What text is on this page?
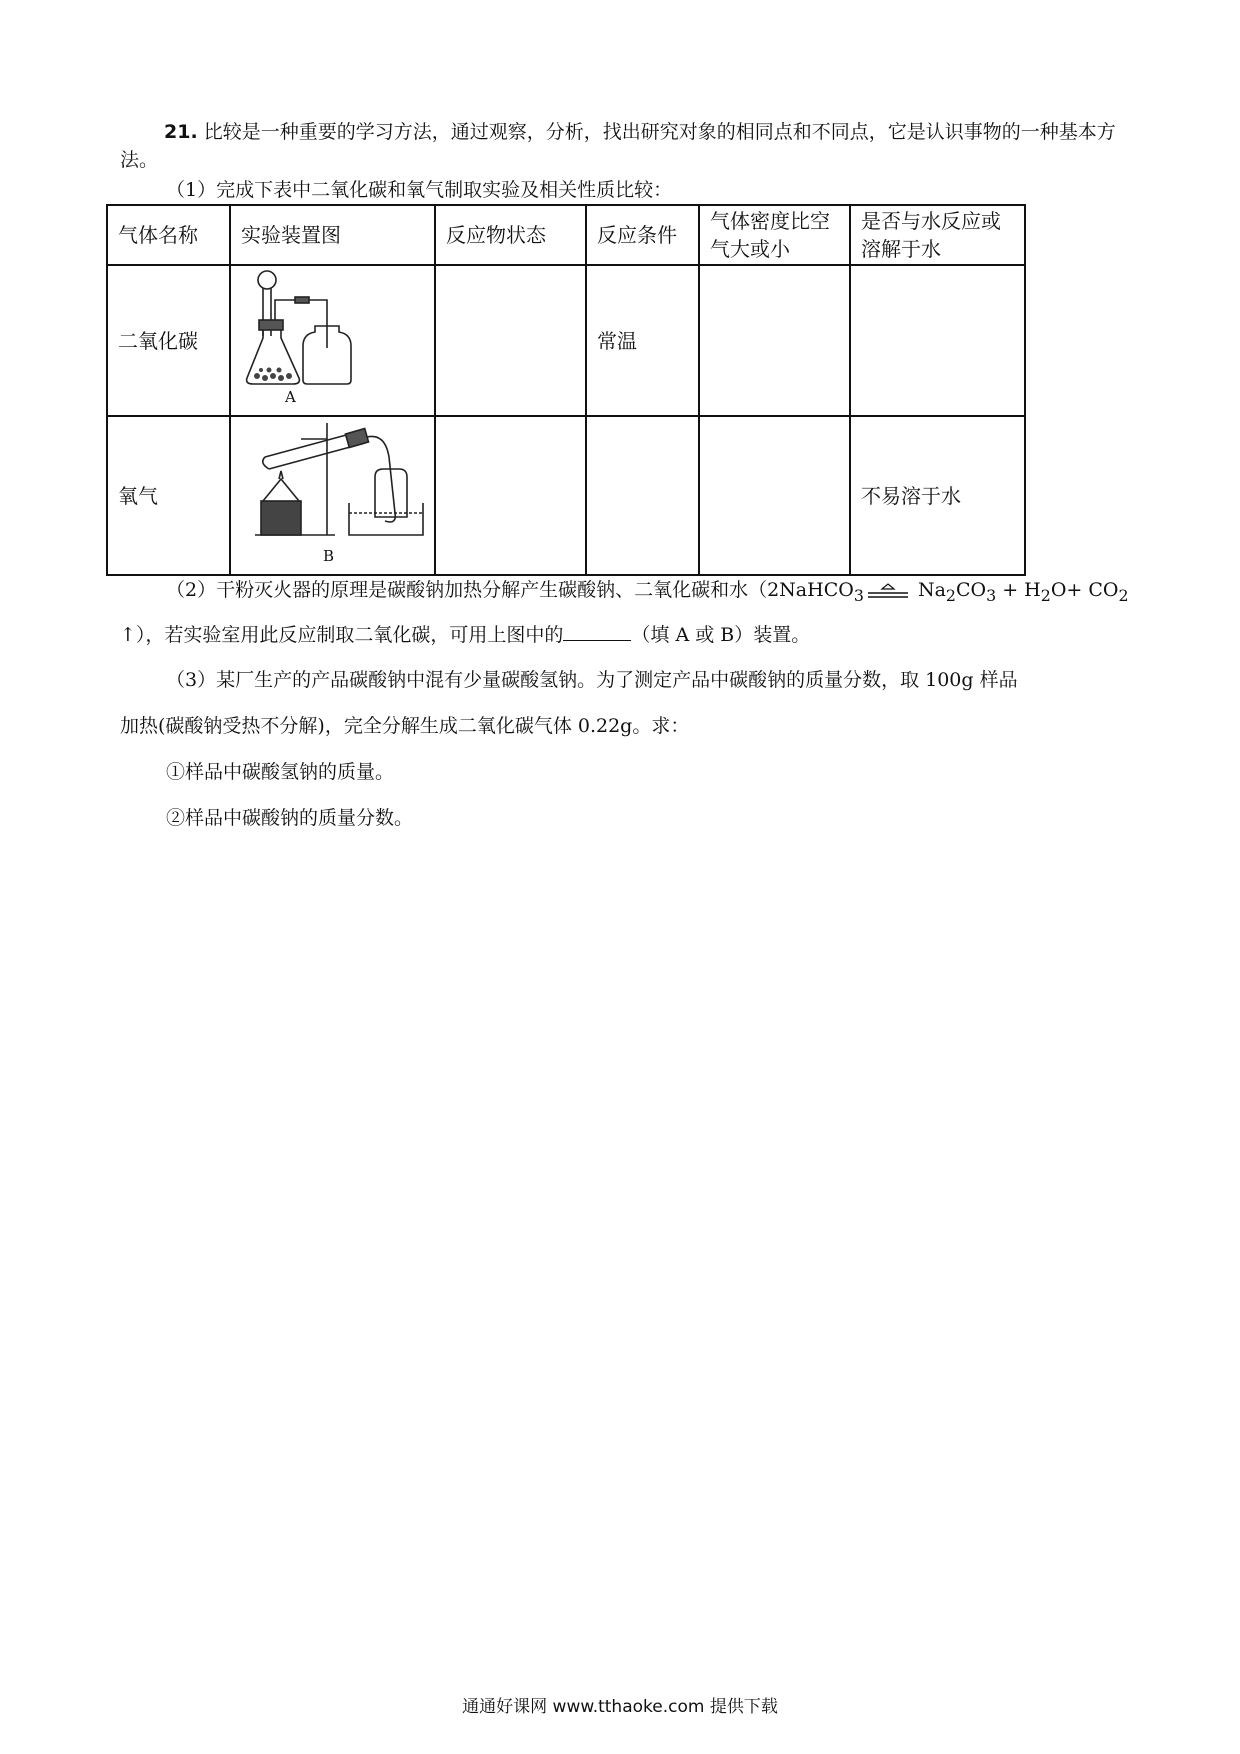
21. 比较是一种重要的学习方法，通过观察，分析，找出研究对象的相同点和不同点，它是认识事物的一种基本方法。

（1）完成下表中二氧化碳和氧气制取实验及相关性质比较：

气体名称	实验装置图	反应物状态	反应条件	气体密度比空气大或小	是否与水反应或溶解于水
二氧化碳	A		常温		
氧气	B				不易溶于水

（2）干粉灭火器的原理是碳酸钠加热分解产生碳酸钠、二氧化碳和水（2NaHCO$_3$	$Na_2CO_3 + H_2O+ CO_2$

↑），若实验室用此反应制取二氧化碳，可用上图中的	（填 A 或 B）装置。

（3）某厂生产的产品碳酸钠中混有少量碳酸氢钠。为了测定产品中碳酸钠的质量分数，取 100g 样品

加热(碳酸钠受热不分解)，完全分解生成二氧化碳气体 0.22g。求：

①样品中碳酸氢钠的质量。

②样品中碳酸钠的质量分数。

通通好课网 www.tthaoke.com 提供下载
